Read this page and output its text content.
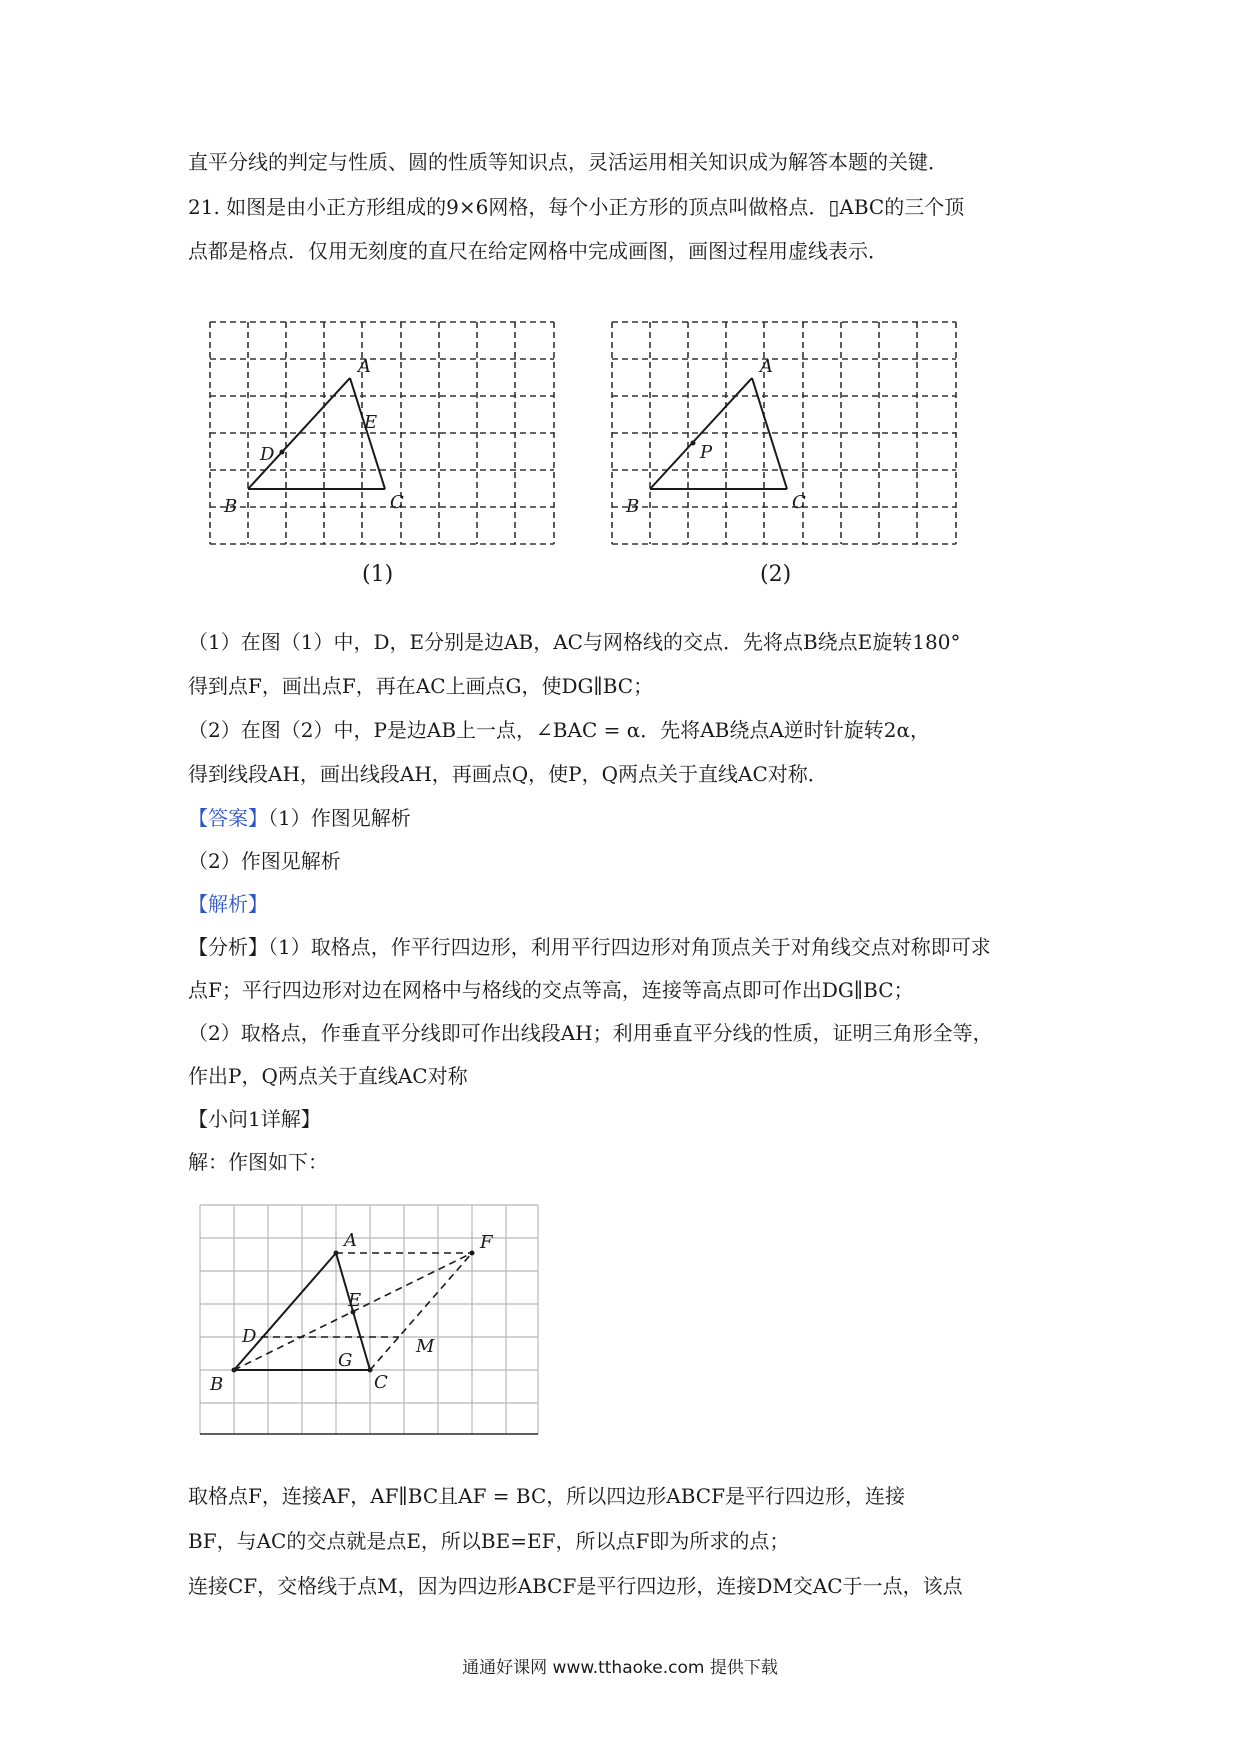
直平分线的判定与性质、圆的性质等知识点，灵活运用相关知识成为解答本题的关键．
21. 如图是由小正方形组成的9×6网格，每个小正方形的顶点叫做格点．▯ABC的三个顶
点都是格点．仅用无刻度的直尺在给定网格中完成画图，画图过程用虚线表示．
A
B	C
D
E
(1)
A
B	C
P
(2)
（1）在图（1）中，D，E分别是边AB，AC与网格线的交点．先将点B绕点E旋转180°
得到点F，画出点F，再在AC上画点G，使DG∥BC；
（2）在图（2）中，P是边AB上一点，∠BAC = α．先将AB绕点A逆时针旋转2α，
得到线段AH，画出线段AH，再画点Q，使P，Q两点关于直线AC对称．
【答案】（1）作图见解析
（2）作图见解析
【解析】
【分析】（1）取格点，作平行四边形，利用平行四边形对角顶点关于对角线交点对称即可求
点F；平行四边形对边在网格中与格线的交点等高，连接等高点即可作出DG∥BC；
（2）取格点，作垂直平分线即可作出线段AH；利用垂直平分线的性质，证明三角形全等，
作出P，Q两点关于直线AC对称
【小问1详解】
解：作图如下：
A
B	C
D
E
F
G
M
取格点F，连接AF，AF∥BC且AF = BC，所以四边形ABCF是平行四边形，连接
BF，与AC的交点就是点E，所以BE=EF，所以点F即为所求的点；
连接CF，交格线于点M，因为四边形ABCF是平行四边形，连接DM交AC于一点，该点
通通好课网 www.tthaoke.com 提供下载
